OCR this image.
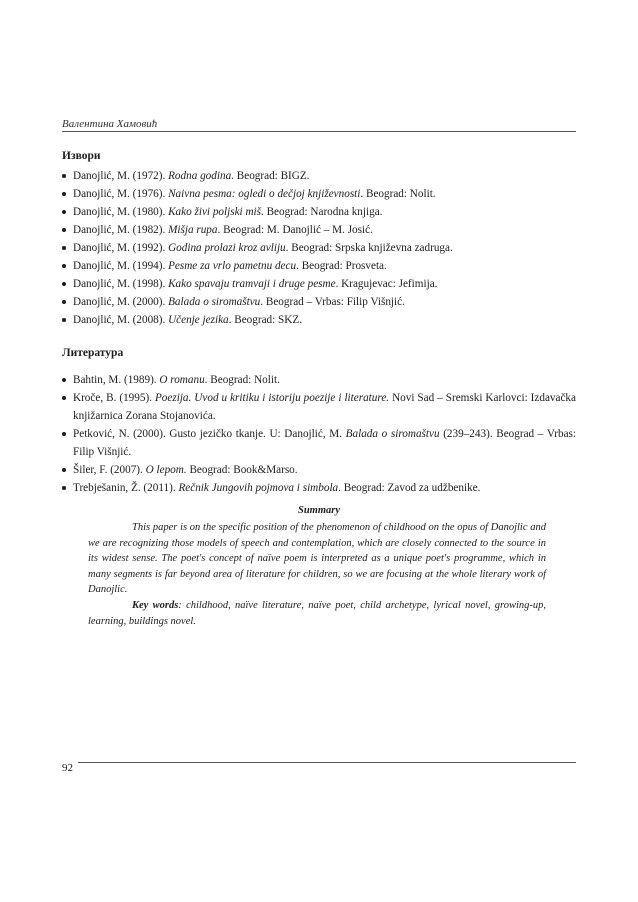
Валентина Хамовић
Извори
Danojlić, M. (1972). Rodna godina. Beograd: BIGZ.
Danojlić, M. (1976). Naivna pesma: ogledi o dečjoj književnosti. Beograd: Nolit.
Danojlić, M. (1980). Kako živi poljski miš. Beograd: Narodna knjiga.
Danojlić, M. (1982). Mišja rupa. Beograd: M. Danojlić – M. Josić.
Danojlić, M. (1992). Godina prolazi kroz avliju. Beograd: Srpska književna zadruga.
Danojlić, M. (1994). Pesme za vrlo pametnu decu. Beograd: Prosveta.
Danojlić, M. (1998). Kako spavaju tramvaji i druge pesme. Kragujevac: Jefimija.
Danojlić, M. (2000). Balada o siromaštvu. Beograd – Vrbas: Filip Višnjić.
Danojlić, M. (2008). Učenje jezika. Beograd: SKZ.
Литература
Bahtin, M. (1989). O romanu. Beograd: Nolit.
Kroče, B. (1995). Poezija. Uvod u kritiku i istoriju poezije i literature. Novi Sad – Sremski Karlovci: Izdavačka knjižarnica Zorana Stojanovića.
Petković, N. (2000). Gusto jezičko tkanje. U: Danojlić, M. Balada o siromaštvu (239–243). Beograd – Vrbas: Filip Višnjić.
Šiler, F. (2007). O lepom. Beograd: Book&Marso.
Trebješanin, Ž. (2011). Rečnik Jungovih pojmova i simbola. Beograd: Zavod za udžbenike.
Summary

This paper is on the specific position of the phenomenon of childhood on the opus of Danojlic and we are recognizing those models of speech and contemplation, which are closely connected to the source in its widest sense. The poet's concept of naïve poem is interpreted as a unique poet's programme, which in many segments is far beyond area of literature for children, so we are focusing at the whole literary work of Danojlic.

Key words: childhood, naïve literature, naïve poet, child archetype, lyrical novel, growing-up, learning, buildings novel.

92
